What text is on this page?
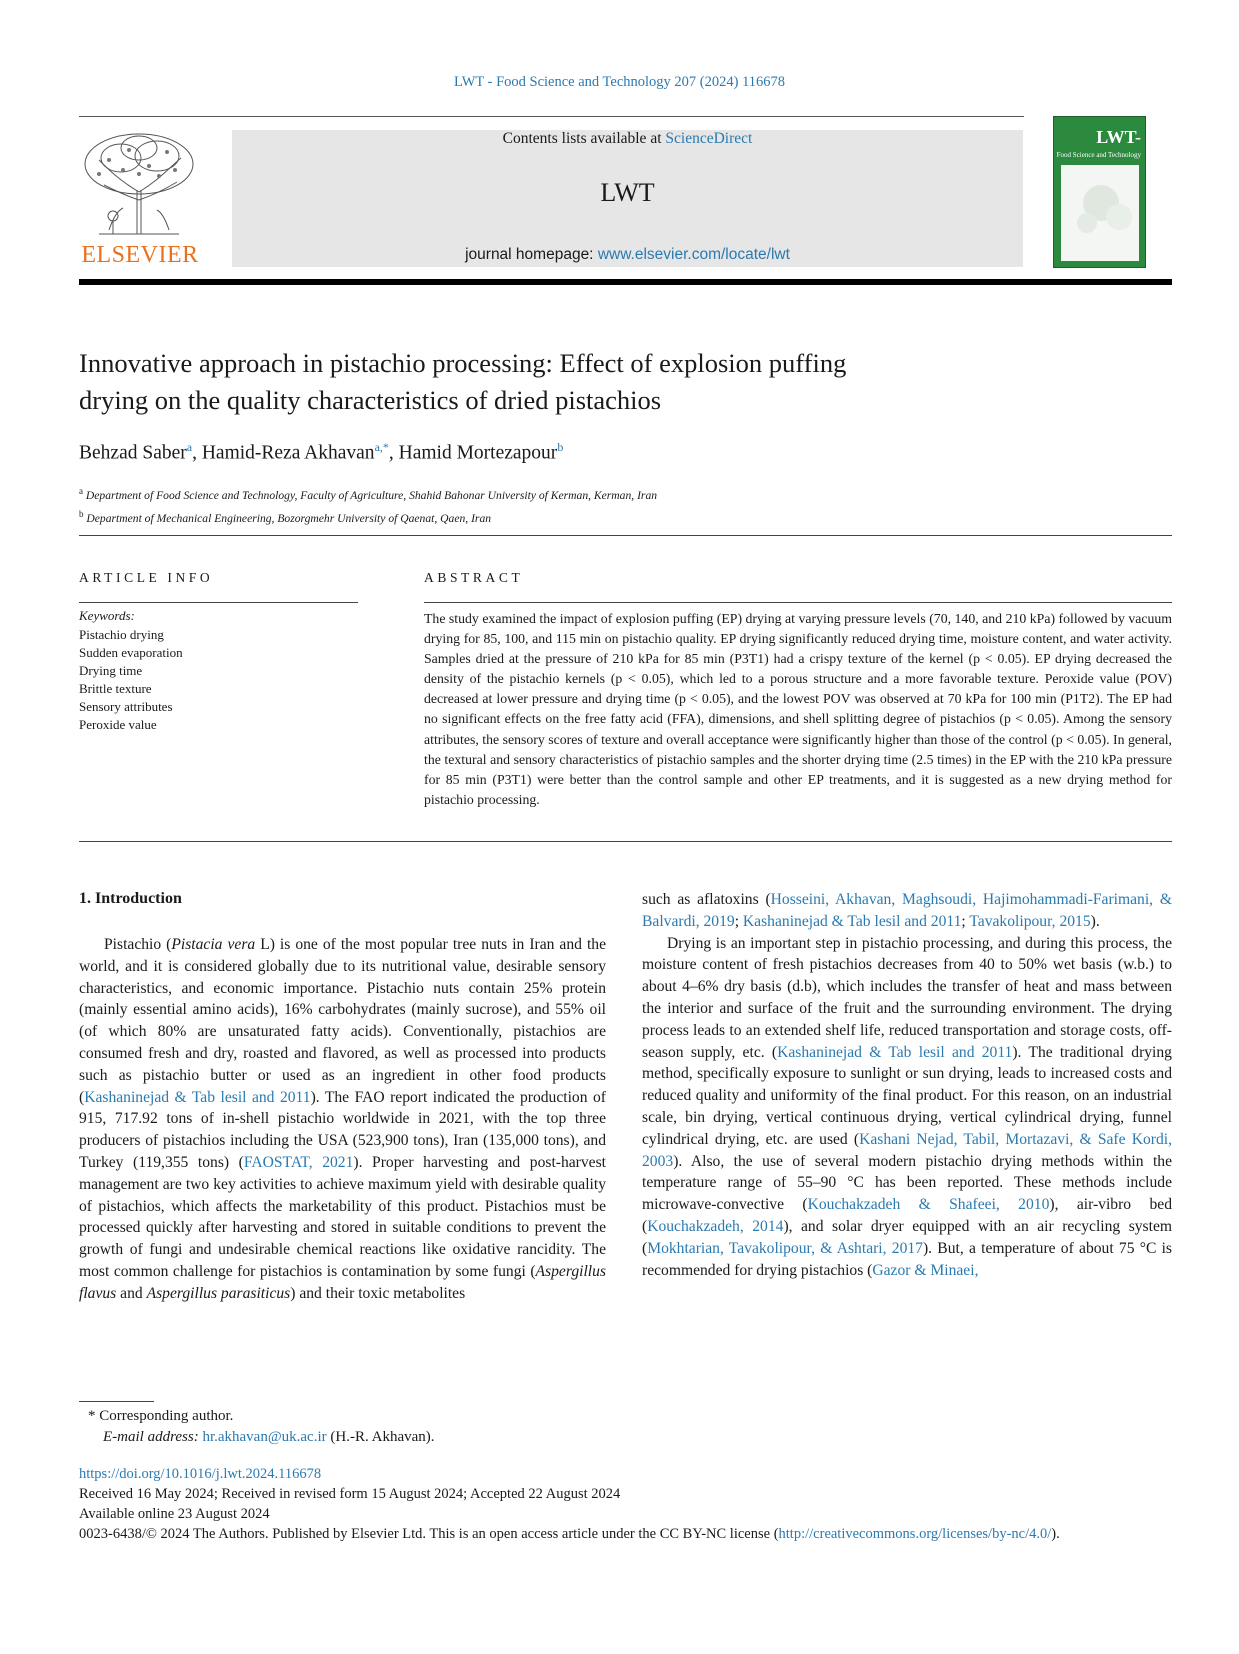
LWT - Food Science and Technology 207 (2024) 116678
ELSEVIER
Contents lists available at ScienceDirect
LWT
journal homepage: www.elsevier.com/locate/lwt
LWT-
Food Science and Technology
Innovative approach in pistachio processing: Effect of explosion puffing
drying on the quality characteristics of dried pistachios
Behzad Saber$^a$, Hamid-Reza Akhavan$^{a,*}$, Hamid Mortezapour$^b$
$^a$ Department of Food Science and Technology, Faculty of Agriculture, Shahid Bahonar University of Kerman, Kerman, Iran
$^b$ Department of Mechanical Engineering, Bozorgmehr University of Qaenat, Qaen, Iran
ARTICLE INFO
Keywords:
Pistachio drying
Sudden evaporation
Drying time
Brittle texture
Sensory attributes
Peroxide value
ABSTRACT
The study examined the impact of explosion puffing (EP) drying at varying pressure levels (70, 140, and 210 kPa) followed by vacuum drying for 85, 100, and 115 min on pistachio quality. EP drying significantly reduced drying time, moisture content, and water activity. Samples dried at the pressure of 210 kPa for 85 min (P3T1) had a crispy texture of the kernel (p < 0.05). EP drying decreased the density of the pistachio kernels (p < 0.05), which led to a porous structure and a more favorable texture. Peroxide value (POV) decreased at lower pressure and drying time (p < 0.05), and the lowest POV was observed at 70 kPa for 100 min (P1T2). The EP had no significant effects on the free fatty acid (FFA), dimensions, and shell splitting degree of pistachios (p < 0.05). Among the sensory attributes, the sensory scores of texture and overall acceptance were significantly higher than those of the control (p < 0.05). In general, the textural and sensory characteristics of pistachio samples and the shorter drying time (2.5 times) in the EP with the 210 kPa pressure for 85 min (P3T1) were better than the control sample and other EP treatments, and it is suggested as a new drying method for pistachio processing.
1. Introduction

Pistachio (Pistacia vera L) is one of the most popular tree nuts in Iran and the world, and it is considered globally due to its nutritional value, desirable sensory characteristics, and economic importance. Pistachio nuts contain 25% protein (mainly essential amino acids), 16% carbohydrates (mainly sucrose), and 55% oil (of which 80% are unsaturated fatty acids). Conventionally, pistachios are consumed fresh and dry, roasted and flavored, as well as processed into products such as pistachio butter or used as an ingredient in other food products (Kashaninejad & Tab lesil and 2011). The FAO report indicated the production of 915, 717.92 tons of in-shell pistachio worldwide in 2021, with the top three producers of pistachios including the USA (523,900 tons), Iran (135,000 tons), and Turkey (119,355 tons) (FAOSTAT, 2021). Proper harvesting and post-harvest management are two key activities to achieve maximum yield with desirable quality of pistachios, which affects the marketability of this product. Pistachios must be processed quickly after harvesting and stored in suitable conditions to prevent the growth of fungi and undesirable chemical reactions like oxidative rancidity. The most common challenge for pistachios is contamination by some fungi (Aspergillus flavus and Aspergillus parasiticus) and their toxic metabolites

such as aflatoxins (Hosseini, Akhavan, Maghsoudi, Hajimohammadi-Farimani, & Balvardi, 2019; Kashaninejad & Tab lesil and 2011; Tavakolipour, 2015).

Drying is an important step in pistachio processing, and during this process, the moisture content of fresh pistachios decreases from 40 to 50% wet basis (w.b.) to about 4–6% dry basis (d.b), which includes the transfer of heat and mass between the interior and surface of the fruit and the surrounding environment. The drying process leads to an extended shelf life, reduced transportation and storage costs, off-season supply, etc. (Kashaninejad & Tab lesil and 2011). The traditional drying method, specifically exposure to sunlight or sun drying, leads to increased costs and reduced quality and uniformity of the final product. For this reason, on an industrial scale, bin drying, vertical continuous drying, vertical cylindrical drying, funnel cylindrical drying, etc. are used (Kashani Nejad, Tabil, Mortazavi, & Safe Kordi, 2003). Also, the use of several modern pistachio drying methods within the temperature range of 55–90 °C has been reported. These methods include microwave-convective (Kouchakzadeh & Shafeei, 2010), air-vibro bed (Kouchakzadeh, 2014), and solar dryer equipped with an air recycling system (Mokhtarian, Tavakolipour, & Ashtari, 2017). But, a temperature of about 75 °C is recommended for drying pistachios (Gazor & Minaei,

* Corresponding author.
E-mail address: hr.akhavan@uk.ac.ir (H.-R. Akhavan).
https://doi.org/10.1016/j.lwt.2024.116678
Received 16 May 2024; Received in revised form 15 August 2024; Accepted 22 August 2024
Available online 23 August 2024
0023-6438/© 2024 The Authors. Published by Elsevier Ltd. This is an open access article under the CC BY-NC license (http://creativecommons.org/licenses/by-nc/4.0/).
